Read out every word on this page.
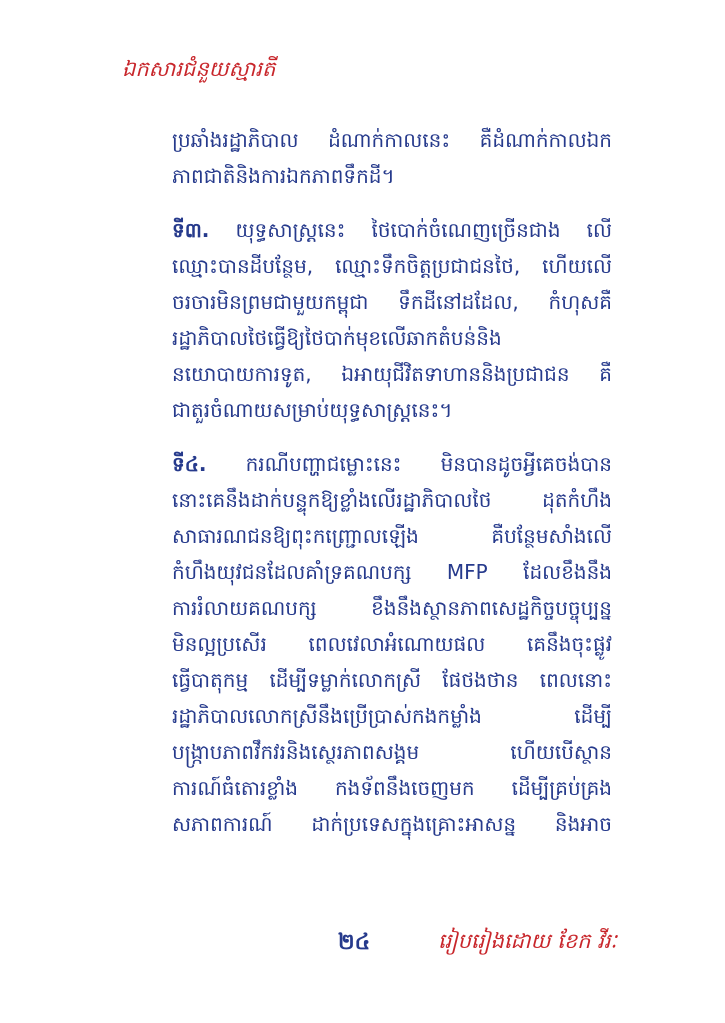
ឯកសារជំនួយស្មារតី
ប្រឆាំងរដ្ឋាភិបាល ដំណាក់កាលនេះ គឺដំណាក់កាលឯក
ភាពជាតិនិងការឯកភាពទឹកដី។
ទី៣. យុទ្ធសាស្ត្រនេះ ថៃបោក់ចំណេញច្រើនជាង លើ
ឈ្មោះបានដីបន្ថែម, ឈ្មោះទឹកចិត្តប្រជាជនថៃ, ហើយលើ
ចរចារមិនព្រមជាមួយកម្ពុជា ទឹកដីនៅដដែល, កំហុសគឺ
រដ្ឋាភិបាលថៃធ្វើឱ្យថៃបាក់មុខលើឆាកតំបន់និង
នយោបាយការទូត, ឯអាយុជីវិតទាហាននិងប្រជាជន គឺ
ជាតួរចំណាយសម្រាប់យុទ្ធសាស្ត្រនេះ។
ទី៤. ករណីបញ្ហាជម្លោះនេះ មិនបានដូចអ្វីគេចង់បាន
នោះគេនឹងដាក់បន្ទុកឱ្យខ្លាំងលើរដ្ឋាភិបាលថៃ ដុតកំហឹង
សាធារណជនឱ្យពុះកញ្ជ្រោលឡើង គឺបន្ថែមសាំងលើ
កំហឹងយុវជនដែលគាំទ្រគណបក្ស MFP ដែលខឹងនឹង
ការរំលាយគណបក្ស ខឹងនឹងស្ថានភាពសេដ្ឋកិច្ចបច្ចុប្បន្ន
មិនល្អប្រសើរ ពេលវេលាអំណោយផល គេនឹងចុះផ្លូវ
ធ្វើបាតុកម្ម ដើម្បីទម្លាក់លោកស្រី ផែថងថាន ពេលនោះ
រដ្ឋាភិបាលលោកស្រីនឹងប្រើប្រាស់កងកម្លាំង ដើម្បី
បង្ក្រាបភាពវឹកវរនិងស្ថេរភាពសង្គម ហើយបើស្ថាន
ការណ៍ធំតោរខ្លាំង កងទ័ពនឹងចេញមក ដើម្បីគ្រប់គ្រង
សភាពការណ៍ ដាក់ប្រទេសក្នុងគ្រោះអាសន្ន និងអាច
២៤	រៀបរៀងដោយ ខែក វីរៈ
